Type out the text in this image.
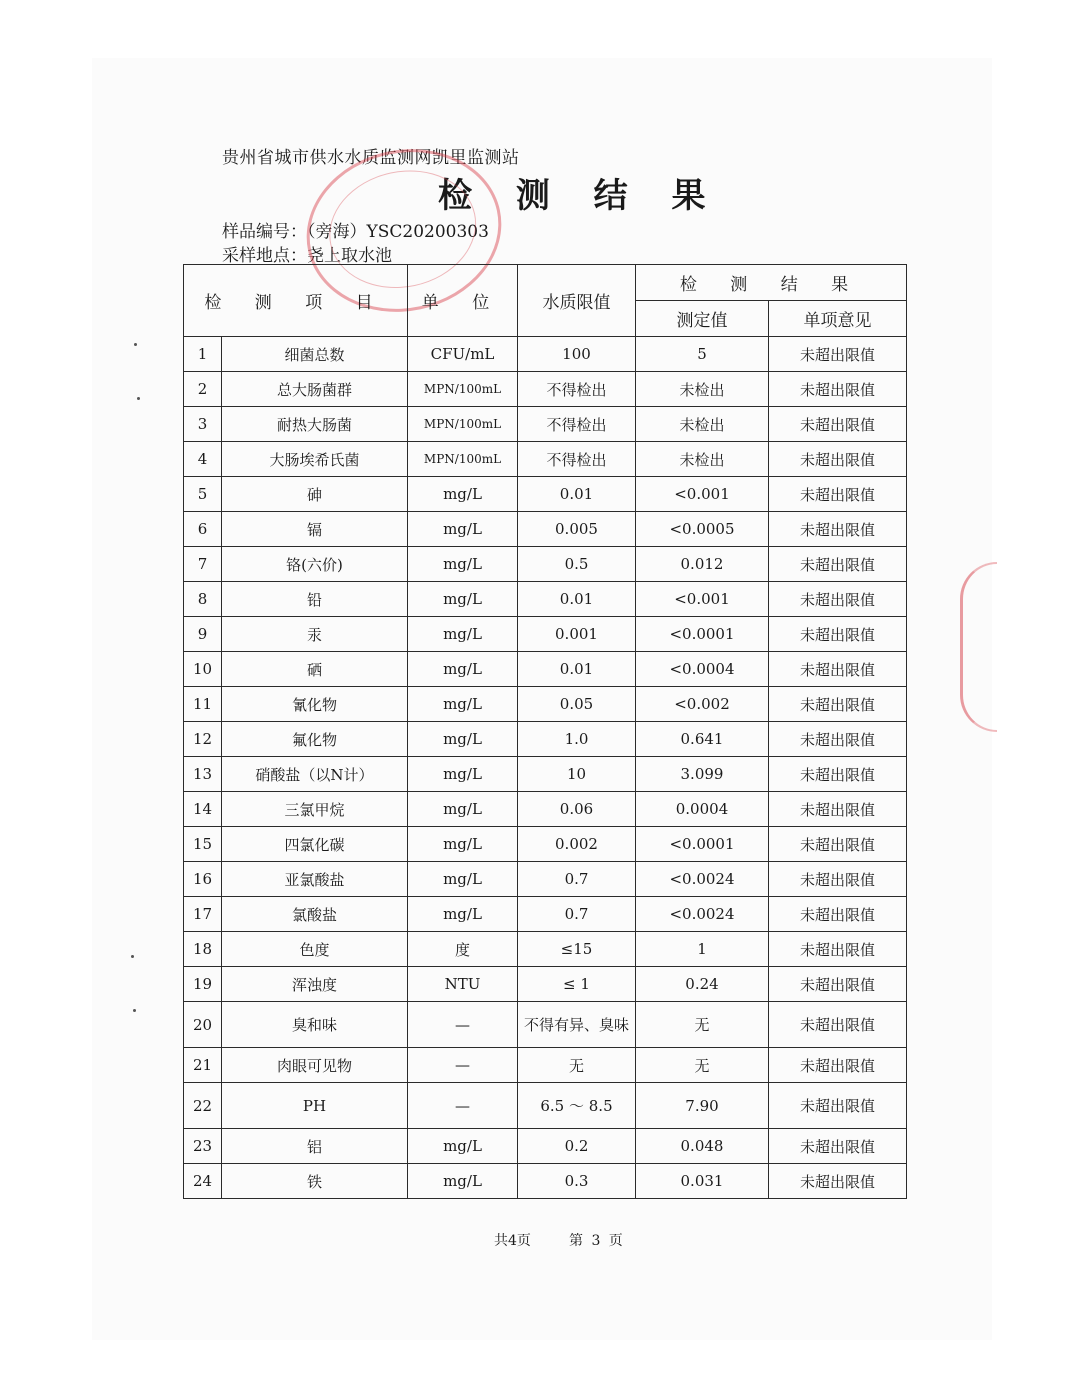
贵州省城市供水水质监测网凯里监测站
检 测 结 果
样品编号：（旁海）YSC20200303
采样地点：尧上取水池
检 测 项 目		单 位	水质限值	检 测 结 果	
				测定值	单项意见
1	细菌总数	CFU/mL	100	5	未超出限值
2	总大肠菌群	MPN/100mL	不得检出	未检出	未超出限值
3	耐热大肠菌	MPN/100mL	不得检出	未检出	未超出限值
4	大肠埃希氏菌	MPN/100mL	不得检出	未检出	未超出限值
5	砷	mg/L	0.01	<0.001	未超出限值
6	镉	mg/L	0.005	<0.0005	未超出限值
7	铬(六价)	mg/L	0.5	0.012	未超出限值
8	铅	mg/L	0.01	<0.001	未超出限值
9	汞	mg/L	0.001	<0.0001	未超出限值
10	硒	mg/L	0.01	<0.0004	未超出限值
11	氰化物	mg/L	0.05	<0.002	未超出限值
12	氟化物	mg/L	1.0	0.641	未超出限值
13	硝酸盐（以N计）	mg/L	10	3.099	未超出限值
14	三氯甲烷	mg/L	0.06	0.0004	未超出限值
15	四氯化碳	mg/L	0.002	<0.0001	未超出限值
16	亚氯酸盐	mg/L	0.7	<0.0024	未超出限值
17	氯酸盐	mg/L	0.7	<0.0024	未超出限值
18	色度	度	≤15	1	未超出限值
19	浑浊度	NTU	≤ 1	0.24	未超出限值
20	臭和味	—	不得有异、臭味	无	未超出限值
21	肉眼可见物	—	无	无	未超出限值
22	PH	—	6.5 ～ 8.5	7.90	未超出限值
23	铝	mg/L	0.2	0.048	未超出限值
24	铁	mg/L	0.3	0.031	未超出限值
共4页	第 3 页
